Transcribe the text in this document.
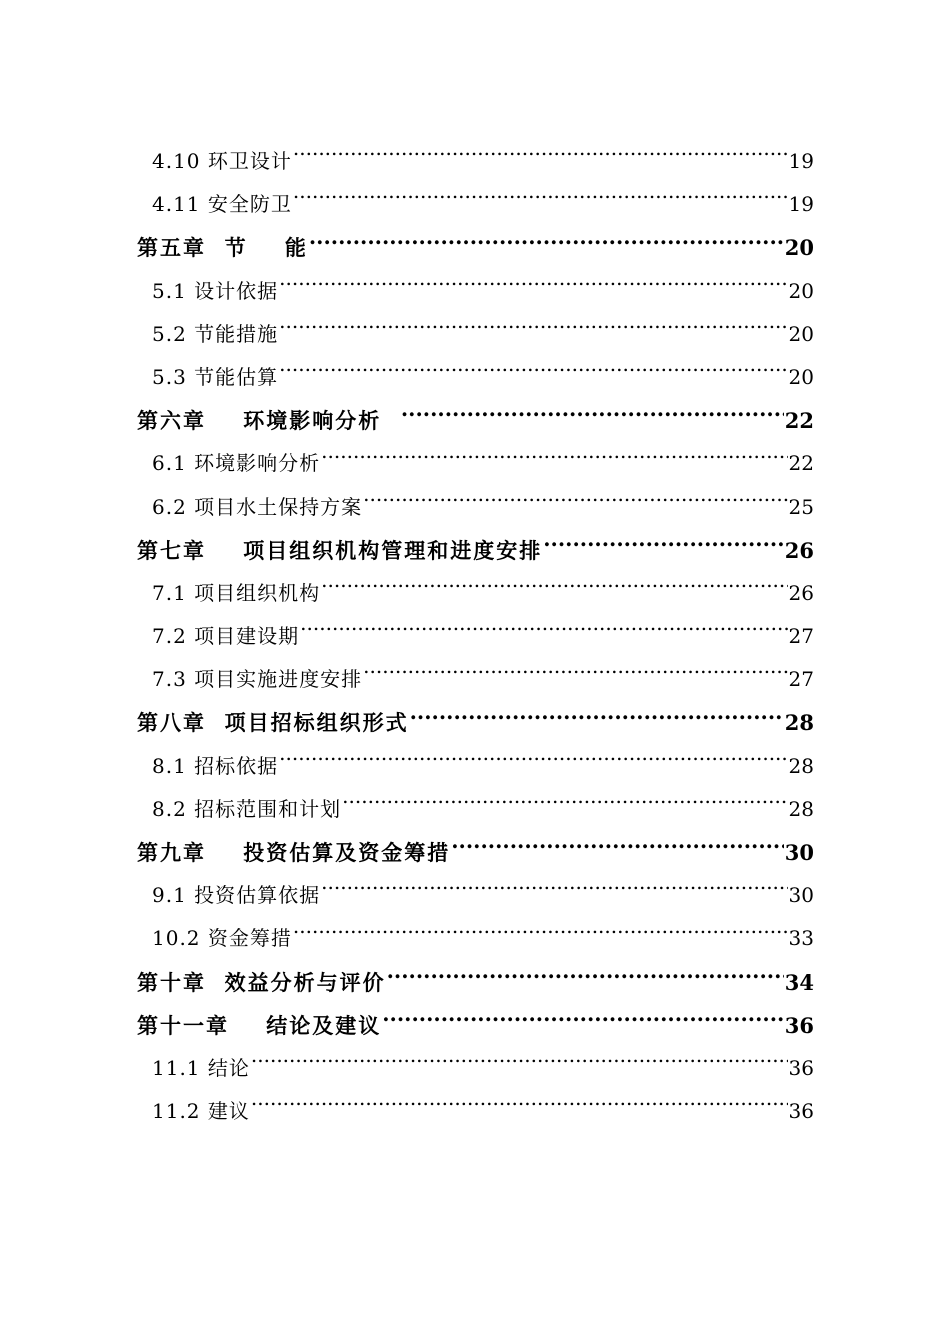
4.10 环卫设计 .....	19
4.11 安全防卫 .....	19
第五章  节    能 .....	20
5.1 设计依据 .....	20
5.2 节能措施 .....	20
5.3 节能估算 .....	20
第六章    环境影响分析 .....	22
6.1 环境影响分析 .....	22
6.2 项目水土保持方案 .....	25
第七章    项目组织机构管理和进度安排 .....	26
7.1 项目组织机构 .....	26
7.2 项目建设期 .....	27
7.3 项目实施进度安排 .....	27
第八章  项目招标组织形式 .....	28
8.1 招标依据 .....	28
8.2 招标范围和计划 .....	28
第九章    投资估算及资金筹措 .....	30
9.1 投资估算依据 .....	30
10.2 资金筹措 .....	33
第十章  效益分析与评价 .....	34
第十一章    结论及建议 .....	36
11.1 结论 .....	36
11.2 建议 .....	36
